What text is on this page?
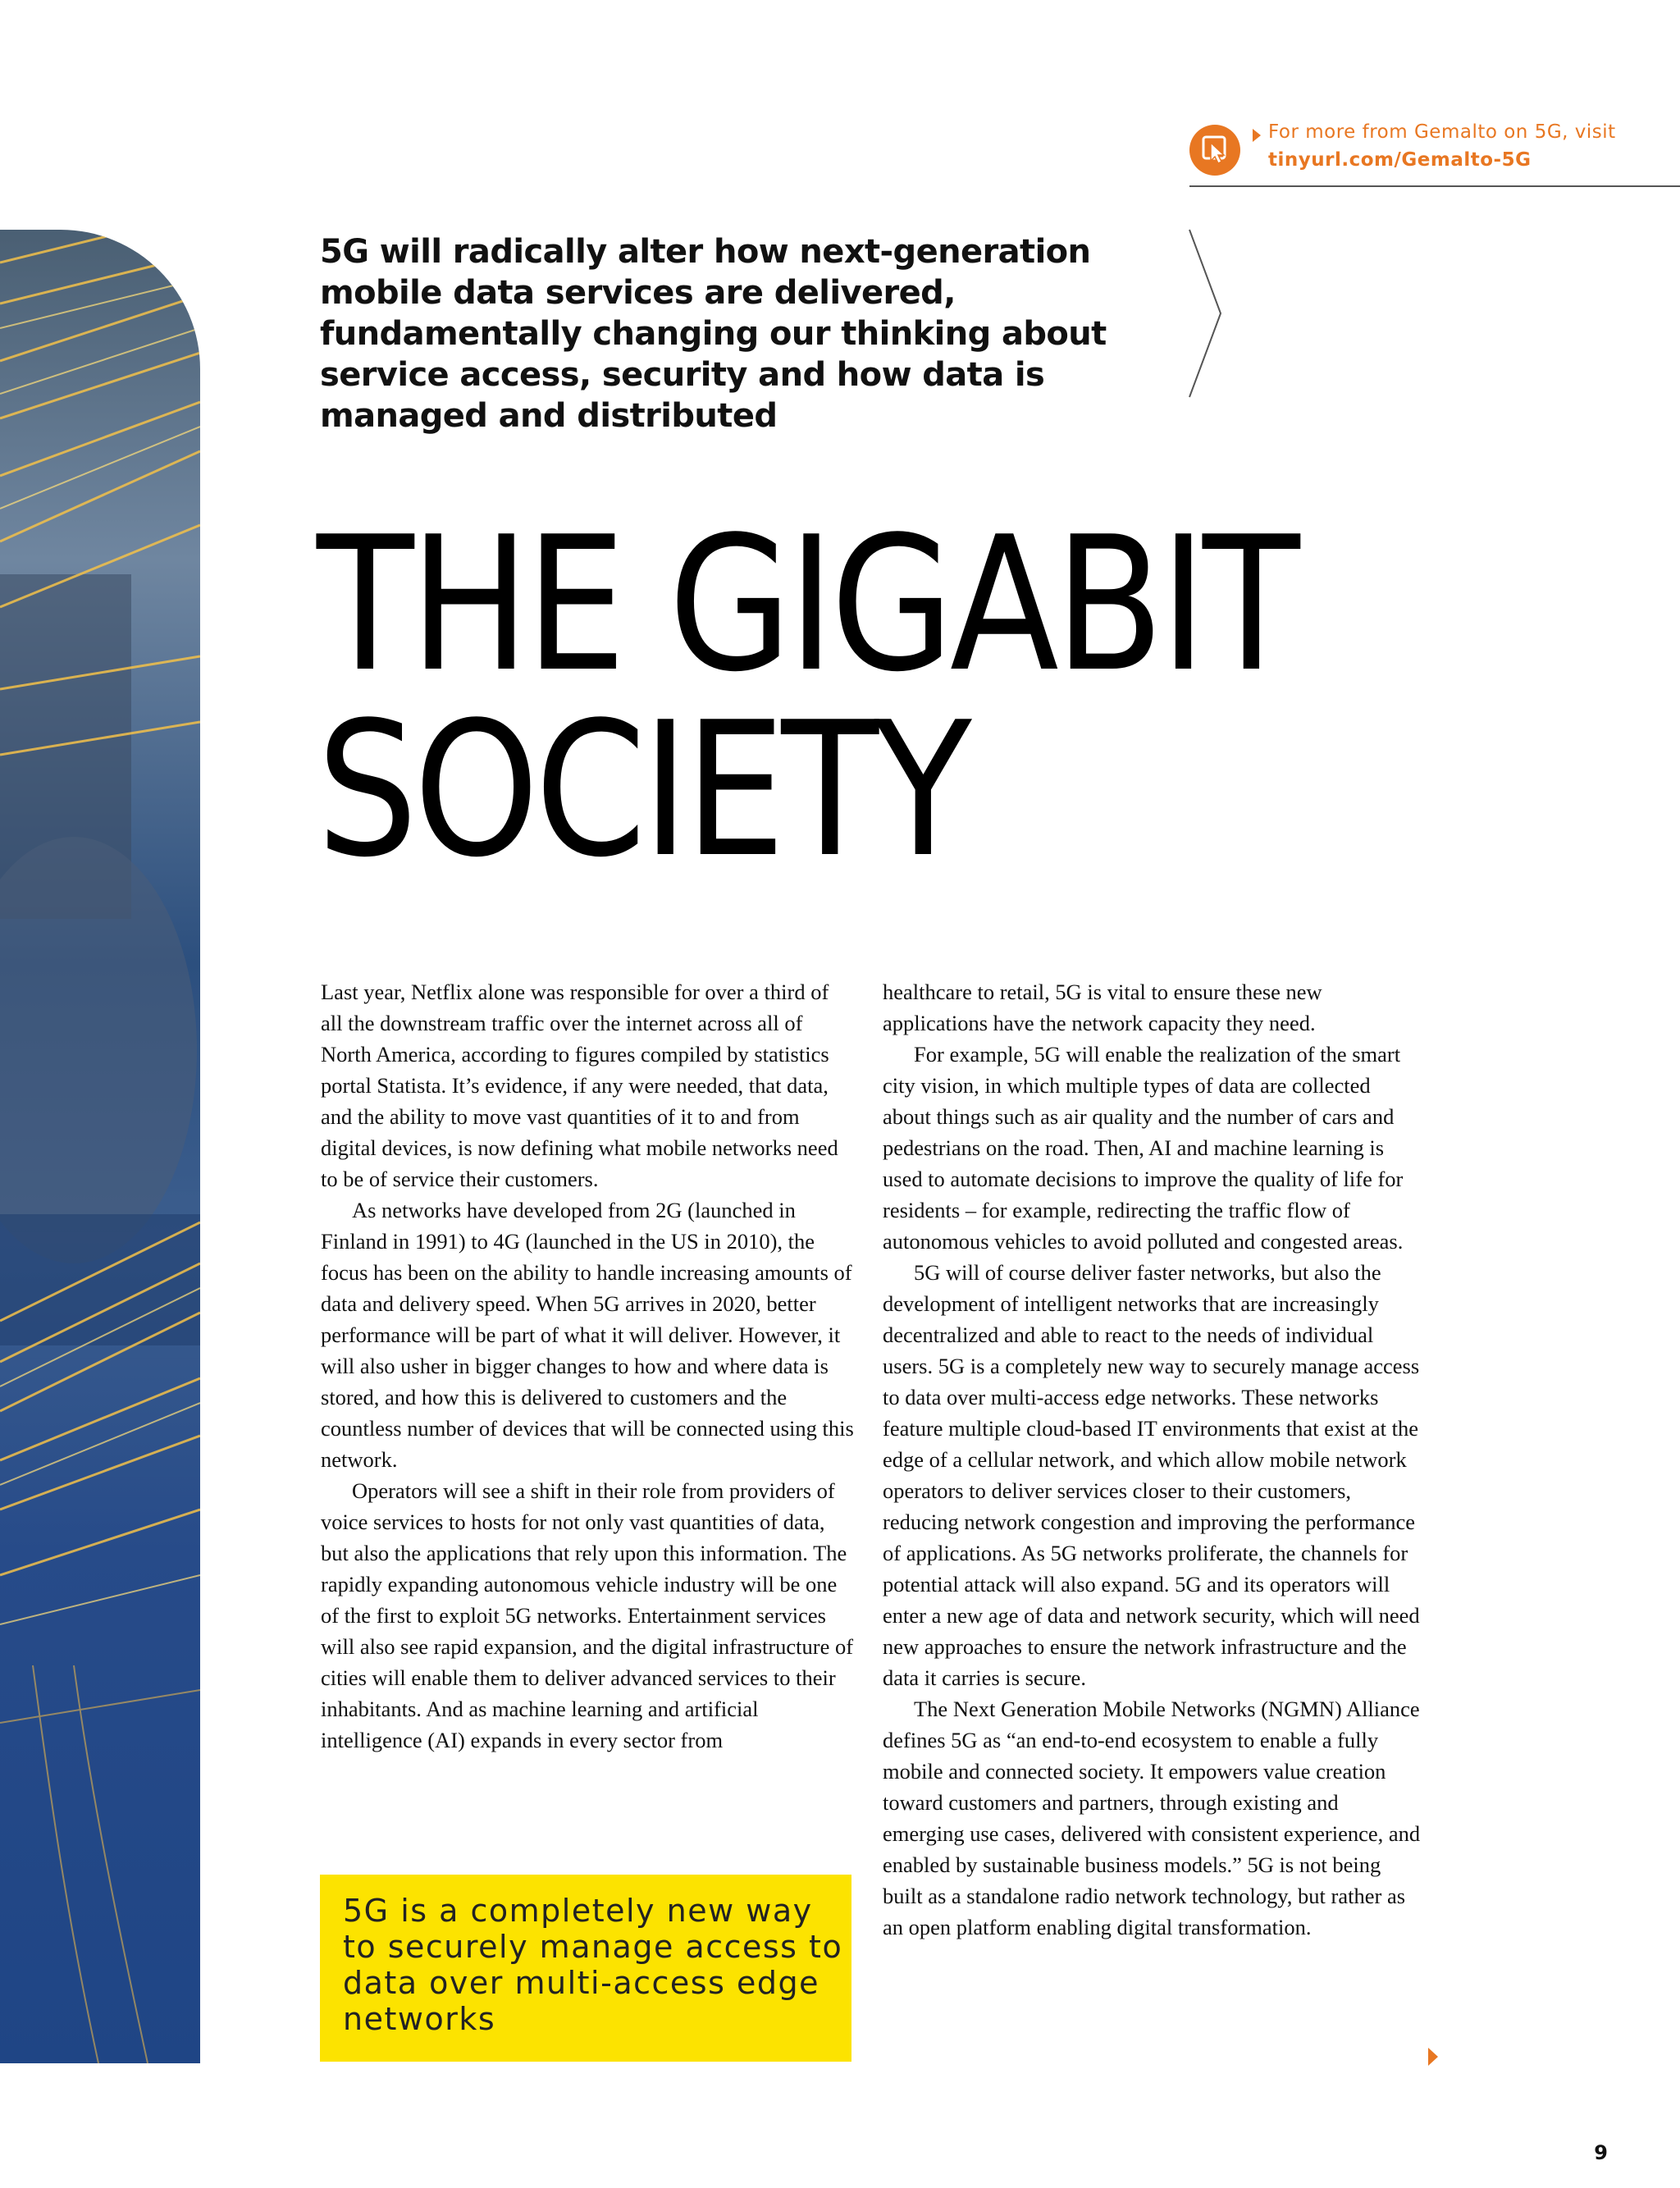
For more from Gemalto on 5G, visit
tinyurl.com/Gemalto-5G
5G will radically alter how next-generation mobile data services are delivered, fundamentally changing our thinking about service access, security and how data is managed and distributed
THE GIGABIT
SOCIETY

Last year, Netflix alone was responsible for over a third of all the downstream traffic over the internet across all of North America, according to figures compiled by statistics portal Statista. It’s evidence, if any were needed, that data, and the ability to move vast quantities of it to and from digital devices, is now defining what mobile networks need to be of service their customers.

As networks have developed from 2G (launched in Finland in 1991) to 4G (launched in the US in 2010), the focus has been on the ability to handle increasing amounts of data and delivery speed. When 5G arrives in 2020, better performance will be part of what it will deliver. However, it will also usher in bigger changes to how and where data is stored, and how this is delivered to customers and the countless number of devices that will be connected using this network.

Operators will see a shift in their role from providers of voice services to hosts for not only vast quantities of data, but also the applications that rely upon this information. The rapidly expanding autonomous vehicle industry will be one of the first to exploit 5G networks. Entertainment services will also see rapid expansion, and the digital infrastructure of cities will enable them to deliver advanced services to their inhabitants. And as machine learning and artificial intelligence (AI) expands in every sector from

healthcare to retail, 5G is vital to ensure these new applications have the network capacity they need.

For example, 5G will enable the realization of the smart city vision, in which multiple types of data are collected about things such as air quality and the number of cars and pedestrians on the road. Then, AI and machine learning is used to automate decisions to improve the quality of life for residents – for example, redirecting the traffic flow of autonomous vehicles to avoid polluted and congested areas.

5G will of course deliver faster networks, but also the development of intelligent networks that are increasingly decentralized and able to react to the needs of individual users. 5G is a completely new way to securely manage access to data over multi-access edge networks. These networks feature multiple cloud-based IT environments that exist at the edge of a cellular network, and which allow mobile network operators to deliver services closer to their customers, reducing network congestion and improving the performance of applications. As 5G networks proliferate, the channels for potential attack will also expand. 5G and its operators will enter a new age of data and network security, which will need new approaches to ensure the network infrastructure and the data it carries is secure.

The Next Generation Mobile Networks (NGMN) Alliance defines 5G as “an end-to-end ecosystem to enable a fully mobile and connected society. It empowers value creation toward customers and partners, through existing and emerging use cases, delivered with consistent experience, and enabled by sustainable business models.” 5G is not being built as a standalone radio network technology, but rather as an open platform enabling digital transformation.

5G is a completely new way to securely manage access to data over multi-access edge networks
9
